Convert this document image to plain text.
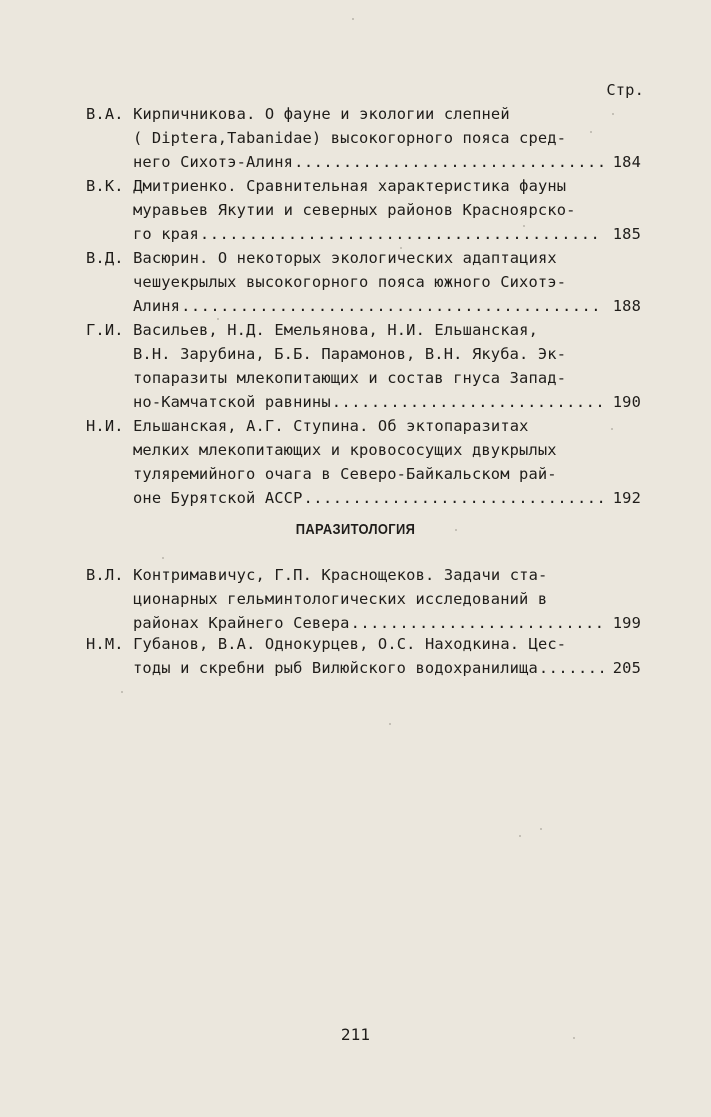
Стр.
В.А. Кирпичникова. О фауне и экологии слепней
( Diptera,Tabanidae) высокогорного пояса сред-
него Сихотэ-Алиня .....	184
В.К. Дмитриенко. Сравнительная характеристика фауны
муравьев Якутии и северных районов Красноярско-
го края .....	185
В.Д. Васюрин. О некоторых экологических адаптациях
чешуекрылых высокогорного пояса южного Сихотэ-
Алиня .....	188
Г.И. Васильев, Н.Д. Емельянова, Н.И. Ельшанская,
В.Н. Зарубина, Б.Б. Парамонов, В.Н. Якуба. Эк-
топаразиты млекопитающих и состав гнуса Запад-
но-Камчатской равнины .....	190
Н.И. Ельшанская, А.Г. Ступина. Об эктопаразитах
мелких млекопитающих и кровососущих двукрылых
туляремийного очага в Северо-Байкальском рай-
оне Бурятской АССР .....	192
ПАРАЗИТОЛОГИЯ
В.Л. Контримавичус, Г.П. Краснощеков. Задачи ста-
ционарных гельминтологических исследований в
районах Крайнего Севера .....	199
Н.М. Губанов, В.А. Однокурцев, О.С. Находкина. Цес-
тоды и скребни рыб Вилюйского водохранилища .....	205
211
